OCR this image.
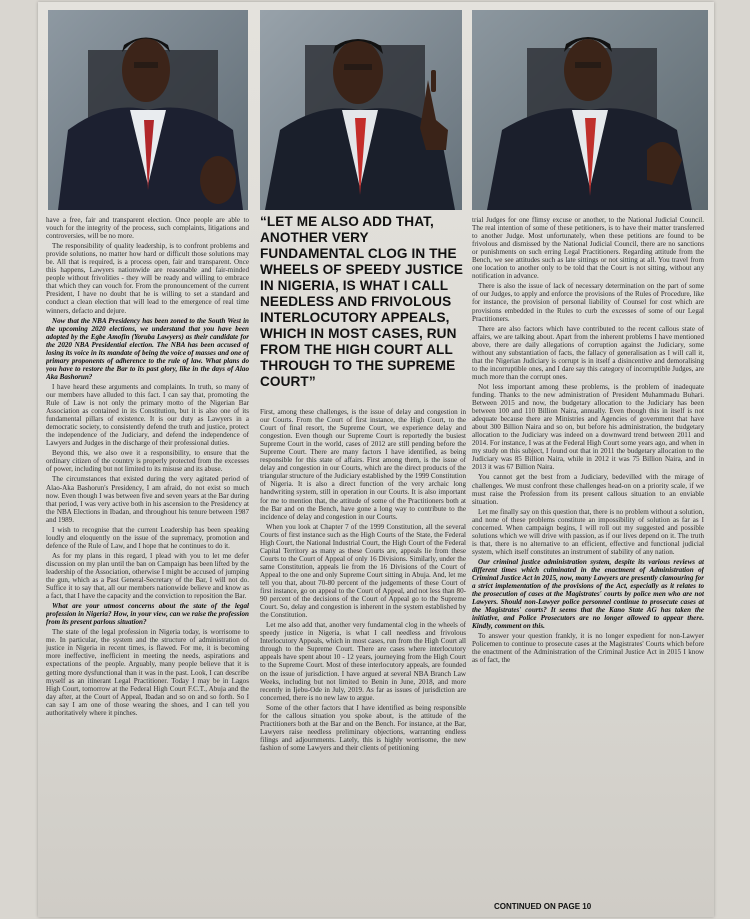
have a free, fair and transparent election. Once people are able to vouch for the integrity of the process, such complaints, litigations and controversies, will be no more.

The responsibility of quality leadership, is to confront problems and provide solutions, no matter how hard or difficult those solutions may be. All that is required, is a process open, fair and transparent. Once this happens, Lawyers nationwide are reasonable and fair-minded people without frivolities - they will be ready and willing to embrace that which they can vouch for. From the pronouncement of the current President, I have no doubt that he is willing to set a standard and conduct a clean election that will lead to the emergence of real time winners, defacto and dejure.

Now that the NBA Presidency has been zoned to the South West in the upcoming 2020 elections, we understand that you have been adopted by the Egbe Amofin (Yoruba Lawyers) as their candidate for the 2020 NBA Presidential election. The NBA has been accused of losing its voice in its mandate of being the voice of masses and one of primary proponents of adherence to the rule of law. What plans do you have to restore the Bar to its past glory, like in the days of Alao Aka Bashorun?

I have heard these arguments and complaints. In truth, so many of our members have alluded to this fact. I can say that, promoting the Rule of Law is not only the primary motto of the Nigerian Bar Association as contained in its Constitution, but it is also one of its fundamental pillars of existence. It is our duty as Lawyers in a democratic society, to consistently defend the truth and justice, protect the independence of the Judiciary, and defend the independence of Lawyers and Judges in the discharge of their professional duties.

Beyond this, we also owe it a responsibility, to ensure that the ordinary citizen of the country is properly protected from the excesses of power, including but not limited to its misuse and its abuse.

The circumstances that existed during the very agitated period of Alao-Aka Bashorun's Presidency, I am afraid, do not exist so much now. Even though I was between five and seven years at the Bar during that period, I was very active both in his ascension to the Presidency at the NBA Elections in Ibadan, and throughout his tenure between 1987 and 1989.

I wish to recognise that the current Leadership has been speaking loudly and eloquently on the issue of the supremacy, promotion and defence of the Rule of Law, and I hope that he continues to do it.

As for my plans in this regard, I plead with you to let me defer discussion on my plan until the ban on Campaign has been lifted by the leadership of the Association, otherwise I might be accused of jumping the gun, which as a Past General-Secretary of the Bar, I will not do. Suffice it to say that, all our members nationwide believe and know as a fact, that I have the capacity and the conviction to reposition the Bar.

What are your utmost concerns about the state of the legal profession in Nigeria? How, in your view, can we raise the profession from its present parlous situation?

The state of the legal profession in Nigeria today, is worrisome to me. In particular, the system and the structure of administration of justice in Nigeria in recent times, is flawed. For me, it is becoming more ineffective, inefficient in meeting the needs, aspirations and expectations of the people. Arguably, many people believe that it is getting more dysfunctional than it was in the past. Look, I can describe myself as an itinerant Legal Practitioner. Today I may be in Lagos High Court, tomorrow at the Federal High Court F.C.T., Abuja and the day after, at the Court of Appeal, Ibadan and so on and so forth. So I can say I am one of those wearing the shoes, and I can tell you authoritatively where it pinches.

“LET ME ALSO ADD THAT, ANOTHER VERY FUNDAMENTAL CLOG IN THE WHEELS OF SPEEDY JUSTICE IN NIGERIA, IS WHAT I CALL NEEDLESS AND FRIVOLOUS INTERLOCUTORY APPEALS, WHICH IN MOST CASES, RUN FROM THE HIGH COURT ALL THROUGH TO THE SUPREME COURT”

First, among these challenges, is the issue of delay and congestion in our Courts. From the Court of first instance, the High Court, to the Court of final resort, the Supreme Court, we experience delay and congestion. Even though our Supreme Court is reportedly the busiest Supreme Court in the world, cases of 2012 are still pending before the Supreme Court. There are many factors I have identified, as being responsible for this state of affairs. First among them, is the issue of delay and congestion in our Courts, which are the direct products of the triangular structure of the Judiciary established by the 1999 Constitution of Nigeria. It is also a direct function of the very archaic long handwriting system, still in operation in our Courts. It is also important for me to mention that, the attitude of some of the Practitioners both at the Bar and on the Bench, have gone a long way to contribute to the incidence of delay and congestion in our Courts.

When you look at Chapter 7 of the 1999 Constitution, all the several Courts of first instance such as the High Courts of the State, the Federal High Court, the National Industrial Court, the High Court of the Federal Capital Territory as many as these Courts are, appeals lie from these Courts to the Court of Appeal of only 16 Divisions. Similarly, under the same Constitution, appeals lie from the 16 Divisions of the Court of Appeal to the one and only Supreme Court sitting in Abuja. And, let me tell you that, about 70-80 percent of the judgements of these Court of first instance, go on appeal to the Court of Appeal, and not less than 80-90 percent of the decisions of the Court of Appeal go to the Supreme Court. So, delay and congestion is inherent in the system established by the Constitution.

Let me also add that, another very fundamental clog in the wheels of speedy justice in Nigeria, is what I call needless and frivolous Interlocutory Appeals, which in most cases, run from the High Court all through to the Supreme Court. There are cases where interlocutory appeals have spent about 10 - 12 years, journeying from the High Court to the Supreme Court. Most of these interlocutory appeals, are founded on the issue of jurisdiction. I have argued at several NBA Branch Law Weeks, including but not limited to Benin in June, 2018, and more recently in Ijebu-Ode in July, 2019. As far as issues of jurisdiction are concerned, there is no new law to argue.

Some of the other factors that I have identified as being responsible for the callous situation you spoke about, is the attitude of the Practitioners both at the Bar and on the Bench. For instance, at the Bar, Lawyers raise needless preliminary objections, warranting endless filings and adjournments. Lately, this is highly worrisome, the new fashion of some Lawyers and their clients of petitioning

trial Judges for one flimsy excuse or another, to the National Judicial Council. The real intention of some of these petitioners, is to have their matter transferred to another Judge. Most unfortunately, when these petitions are found to be frivolous and dismissed by the National Judicial Council, there are no sanctions or punishments on such erring Legal Practitioners. Regarding attitude from the Bench, we see attitudes such as late sittings or not sitting at all. You travel from one location to another only to be told that the Court is not sitting, without any notification in advance.

There is also the issue of lack of necessary determination on the part of some of our Judges, to apply and enforce the provisions of the Rules of Procedure, like for instance, the provision of personal liability of Counsel for cost which are provisions embedded in the Rules to curb the excesses of some of our Legal Practitioners.

There are also factors which have contributed to the recent callous state of affairs, we are talking about. Apart from the inherent problems I have mentioned above, there are daily allegations of corruption against the Judiciary, some without any substantiation of facts, the fallacy of generalisation as I will call it, that the Nigerian Judiciary is corrupt is in itself a disincentive and demoralising to the incorruptible ones, and I dare say this category of incorruptible Judges, are much more than the corrupt ones.

Not less important among these problems, is the problem of inadequate funding. Thanks to the new administration of President Muhammadu Buhari. Between 2015 and now, the budgetary allocation to the Judiciary has been between 100 and 110 Billion Naira, annually. Even though this in itself is not adequate because there are Ministries and Agencies of government that have about 300 Billion Naira and so on, but before his administration, the budgetary allocation to the Judiciary was indeed on a downward trend between 2011 and 2014. For instance, I was at the Federal High Court some years ago, and when in my study on this subject, I found out that in 2011 the budgetary allocation to the Judiciary was 85 Billion Naira, while in 2012 it was 75 Billion Naira, and in 2013 it was 67 Billion Naira.

You cannot get the best from a Judiciary, bedevilled with the mirage of challenges. We must confront these challenges head-on on a priority scale, if we must raise the Profession from its present callous situation to an enviable situation.

Let me finally say on this question that, there is no problem without a solution, and none of these problems constitute an impossibility of solution as far as I concerned. When campaign begins, I will roll out my suggested and possible solutions which we will drive with passion, as if our lives depend on it. The truth is that, there is no alternative to an efficient, effective and functional judicial system, which itself constitutes an instrument of stability of any nation.

Our criminal justice administration system, despite its various reviews at different times which culminated in the enactment of Administration of Criminal Justice Act in 2015, now, many Lawyers are presently clamouring for a strict implementation of the provisions of the Act, especially as it relates to the prosecution of cases at the Magistrates' courts by police men who are not Lawyers. Should non-Lawyer police personnel continue to prosecute cases at the Magistrates' courts? It seems that the Kano State AG has taken the initiative, and Police Prosecutors are no longer allowed to appear there. Kindly, comment on this.

To answer your question frankly, it is no longer expedient for non-Lawyer Policemen to continue to prosecute cases at the Magistrates' Courts which before the enactment of the Administration of the Criminal Justice Act in 2015 I know as of fact, the

CONTINUED ON PAGE 10
